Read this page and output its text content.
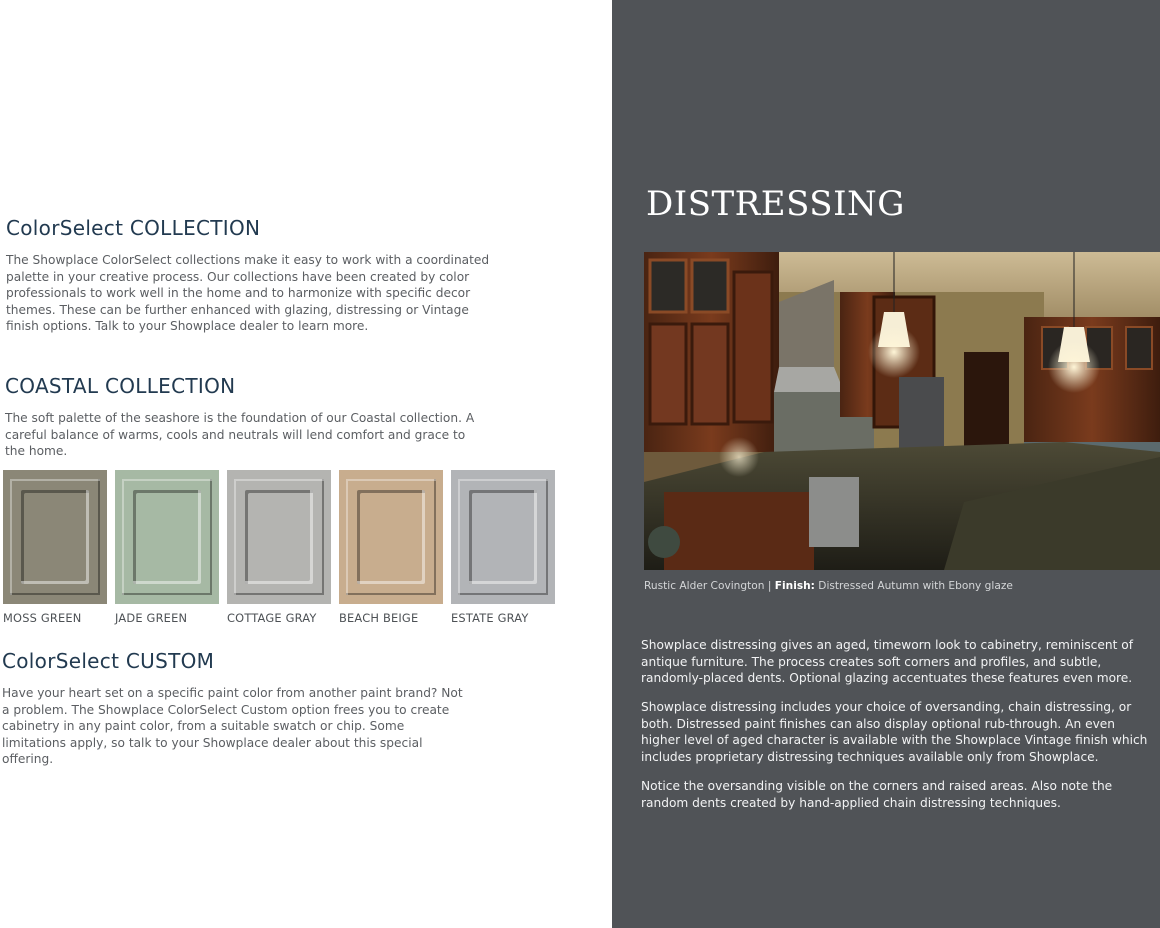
ColorSelect COLLECTION

The Showplace ColorSelect collections make it easy to work with a coordinated palette in your creative process. Our collections have been created by color professionals to work well in the home and to harmonize with specific decor themes. These can be further enhanced with glazing, distressing or Vintage finish options. Talk to your Showplace dealer to learn more.

COASTAL COLLECTION

The soft palette of the seashore is the foundation of our Coastal collection. A careful balance of warms, cools and neutrals will lend comfort and grace to the home.

MOSS GREEN	JADE GREEN	COTTAGE GRAY BEACH BEIGE	ESTATE GRAY

ColorSelect CUSTOM

Have your heart set on a specific paint color from another paint brand? Not a problem. The Showplace ColorSelect Custom option frees you to create cabinetry in any paint color, from a suitable swatch or chip. Some limitations apply, so talk to your Showplace dealer about this special offering.

DISTRESSING

Rustic Alder Covington | Finish: Distressed Autumn with Ebony glaze

Showplace distressing gives an aged, timeworn look to cabinetry, reminiscent of antique furniture. The process creates soft corners and profiles, and subtle, randomly-placed dents. Optional glazing accentuates these features even more.

Showplace distressing includes your choice of oversanding, chain distressing, or both. Distressed paint finishes can also display optional rub-through. An even higher level of aged character is available with the Showplace Vintage finish which includes proprietary distressing techniques available only from Showplace.

Notice the oversanding visible on the corners and raised areas. Also note the random dents created by hand-applied chain distressing techniques.
